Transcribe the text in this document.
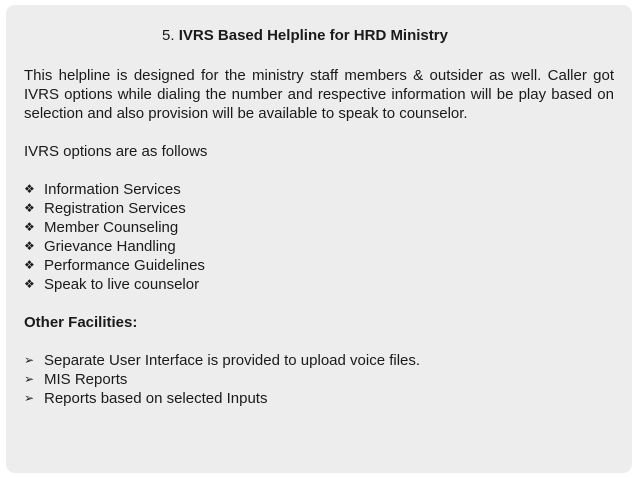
5. IVRS Based Helpline for HRD Ministry

This helpline is designed for the ministry staff members & outsider as well. Caller got IVRS options while dialing the number and respective information will be play based on selection and also provision will be available to speak to counselor.

IVRS options are as follows

❖ Information Services
❖ Registration Services
❖ Member Counseling
❖ Grievance Handling
❖ Performance Guidelines
❖ Speak to live counselor

Other Facilities:

➢ Separate User Interface is provided to upload voice files.
➢ MIS Reports
➢ Reports based on selected Inputs
